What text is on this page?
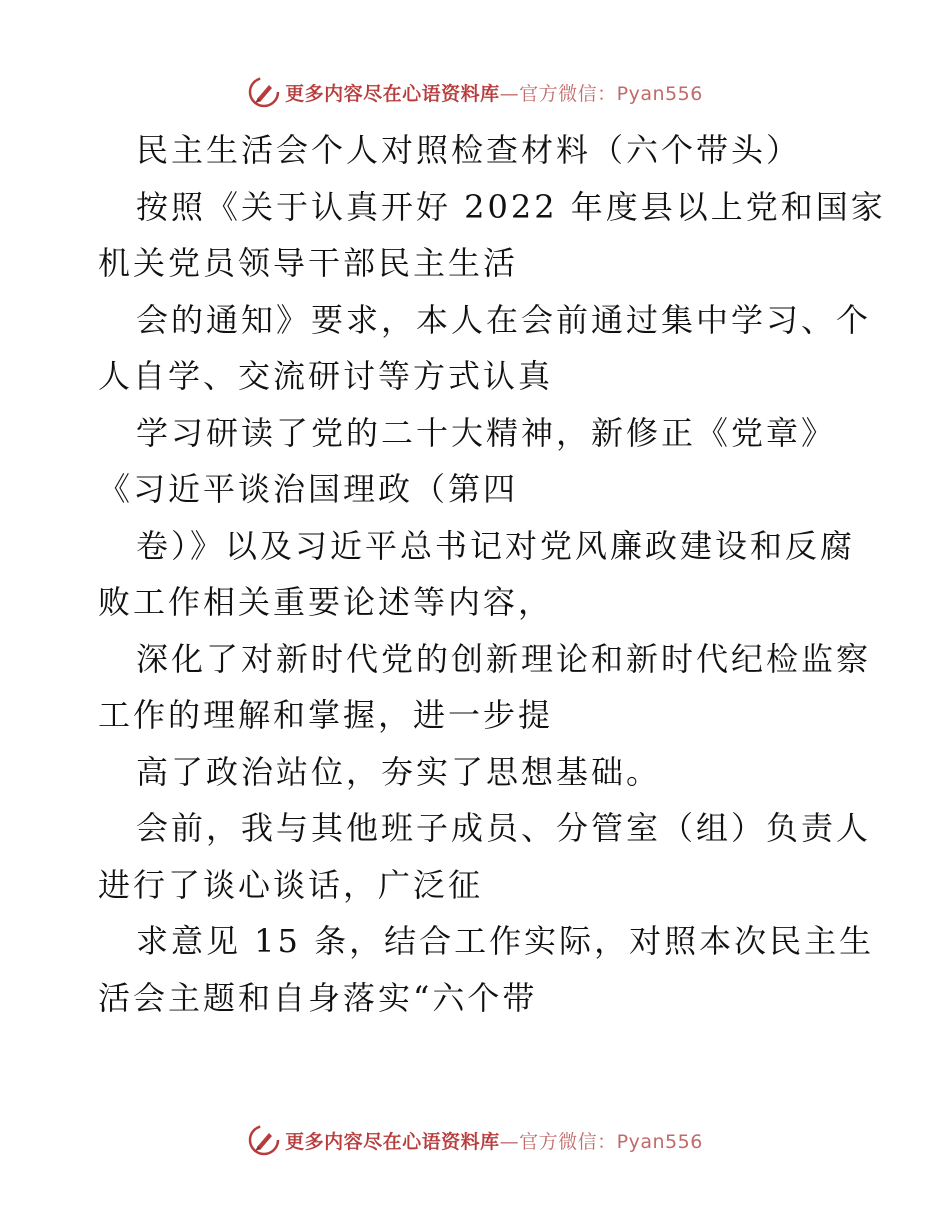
更多内容尽在心语资料库—官方微信：Pyan556
民主生活会个人对照检查材料（六个带头）
按照《关于认真开好 2022 年度县以上党和国家
机关党员领导干部民主生活
会的通知》要求，本人在会前通过集中学习、个
人自学、交流研讨等方式认真
学习研读了党的二十大精神，新修正《党章》
《习近平谈治国理政（第四
卷）》以及习近平总书记对党风廉政建设和反腐
败工作相关重要论述等内容，
深化了对新时代党的创新理论和新时代纪检监察
工作的理解和掌握，进一步提
高了政治站位，夯实了思想基础。
会前，我与其他班子成员、分管室（组）负责人
进行了谈心谈话，广泛征
求意见 15 条，结合工作实际，对照本次民主生
活会主题和自身落实“六个带
更多内容尽在心语资料库—官方微信：Pyan556
